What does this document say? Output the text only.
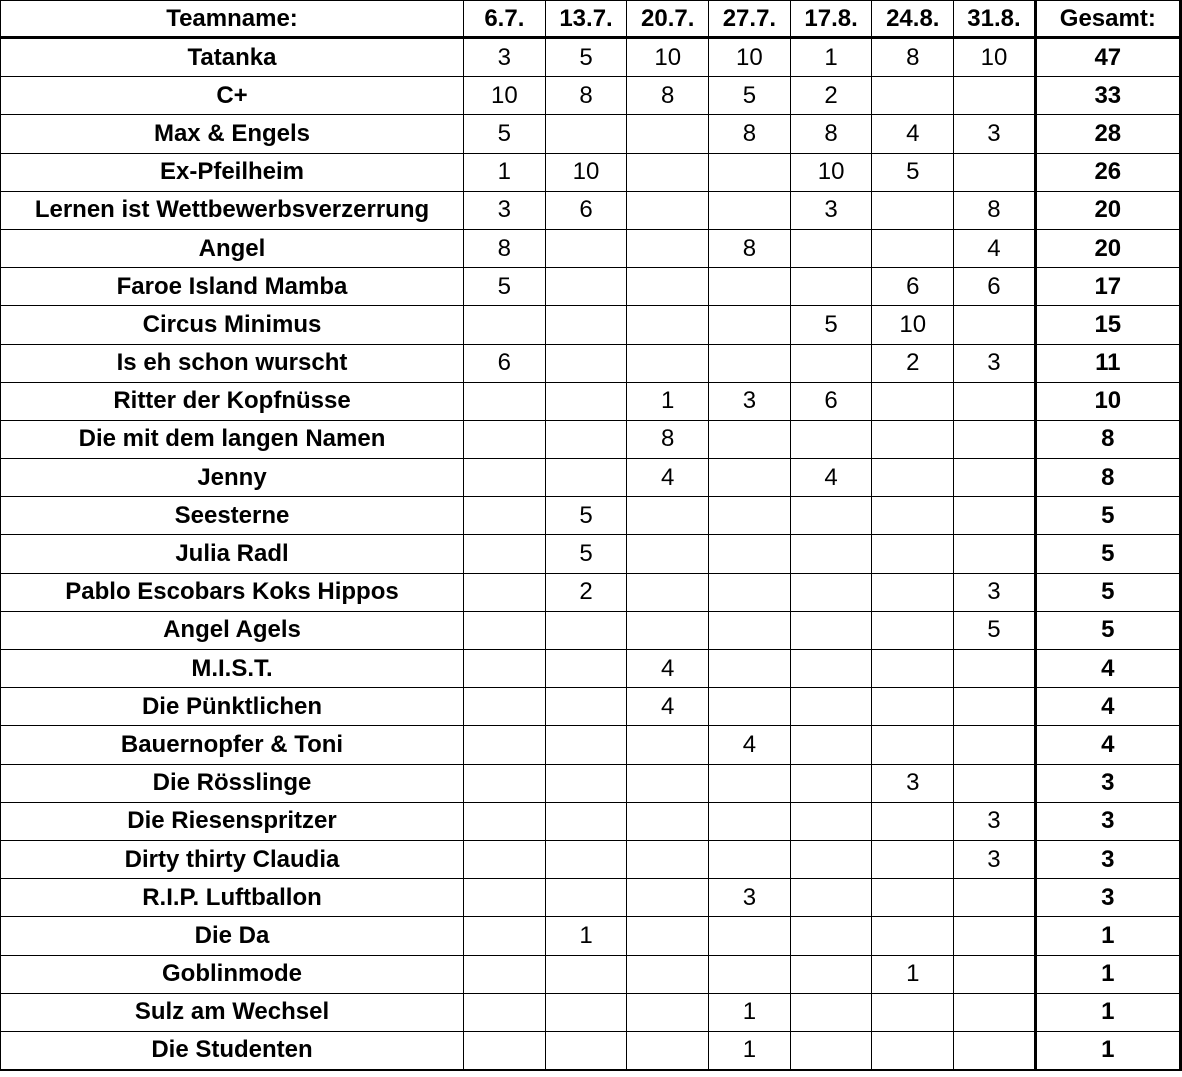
Teamname:	6.7.	13.7.	20.7.	27.7.	17.8.	24.8.	31.8.	Gesamt:
Tatanka	3	5	10	10	1	8	10	47
C+	10	8	8	5	2			33
Max & Engels	5			8	8	4	3	28
Ex-Pfeilheim	1	10			10	5		26
Lernen ist Wettbewerbsverzerrung	3	6			3		8	20
Angel	8			8			4	20
Faroe Island Mamba	5					6	6	17
Circus Minimus					5	10		15
Is eh schon wurscht	6					2	3	11
Ritter der Kopfnüsse			1	3	6			10
Die mit dem langen Namen			8					8
Jenny			4		4			8
Seesterne		5						5
Julia Radl		5						5
Pablo Escobars Koks Hippos		2					3	5
Angel Agels							5	5
M.I.S.T.			4					4
Die Pünktlichen			4					4
Bauernopfer & Toni				4				4
Die Rösslinge						3		3
Die Riesenspritzer							3	3
Dirty thirty Claudia							3	3
R.I.P. Luftballon				3				3
Die Da		1						1
Goblinmode						1		1
Sulz am Wechsel				1				1
Die Studenten				1				1
